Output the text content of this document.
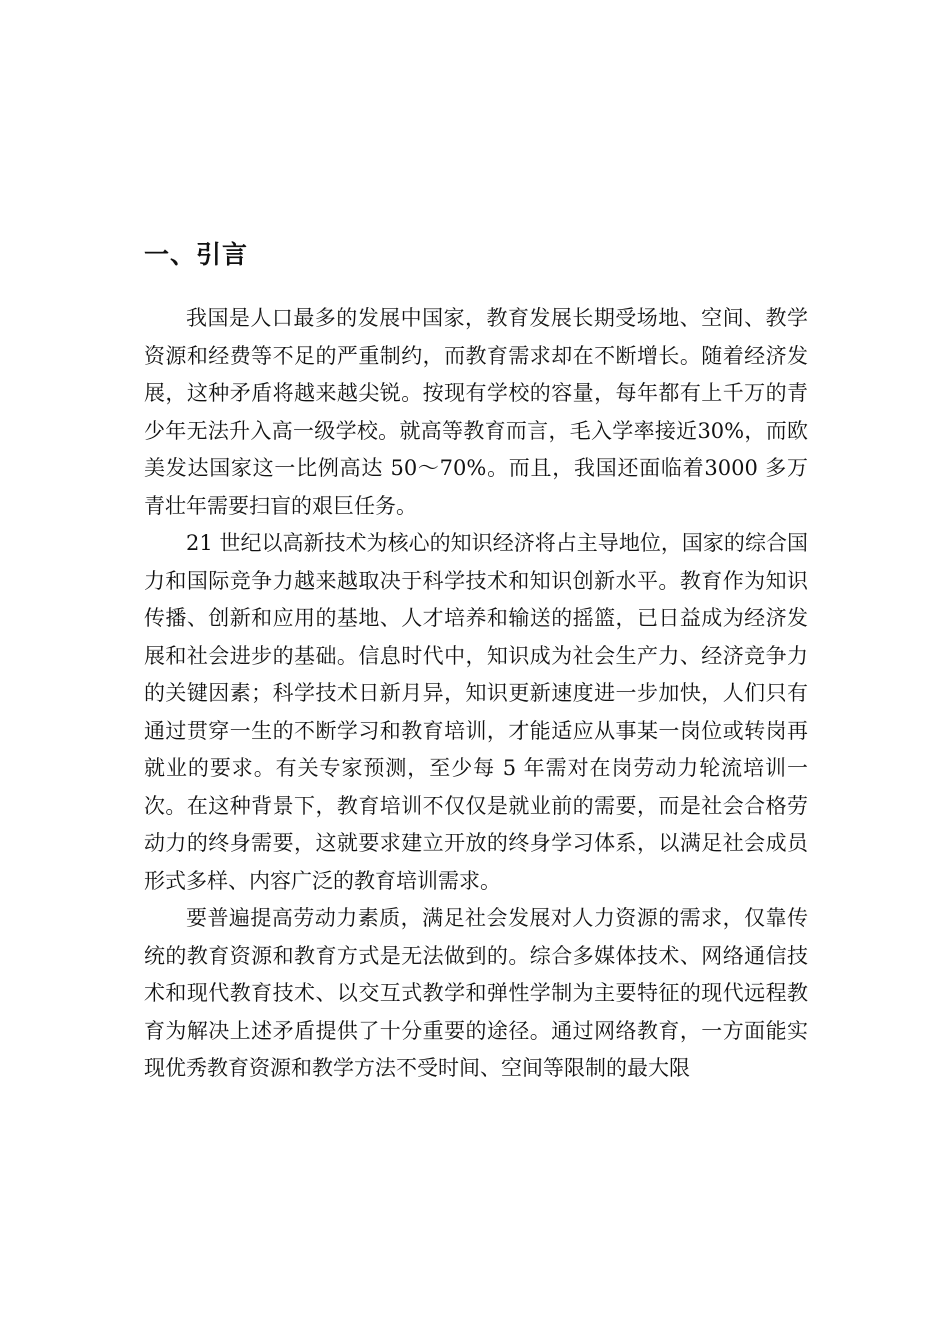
一、引言

我国是人口最多的发展中国家，教育发展长期受场地、空间、教学资源和经费等不足的严重制约，而教育需求却在不断增长。随着经济发展，这种矛盾将越来越尖锐。按现有学校的容量，每年都有上千万的青少年无法升入高一级学校。就高等教育而言，毛入学率接近30%，而欧美发达国家这一比例高达 50～70%。而且，我国还面临着3000 多万青壮年需要扫盲的艰巨任务。

21 世纪以高新技术为核心的知识经济将占主导地位，国家的综合国力和国际竞争力越来越取决于科学技术和知识创新水平。教育作为知识传播、创新和应用的基地、人才培养和输送的摇篮，已日益成为经济发展和社会进步的基础。信息时代中，知识成为社会生产力、经济竞争力的关键因素；科学技术日新月异，知识更新速度进一步加快，人们只有通过贯穿一生的不断学习和教育培训，才能适应从事某一岗位或转岗再就业的要求。有关专家预测，至少每 5 年需对在岗劳动力轮流培训一次。在这种背景下，教育培训不仅仅是就业前的需要，而是社会合格劳动力的终身需要，这就要求建立开放的终身学习体系，以满足社会成员形式多样、内容广泛的教育培训需求。

要普遍提高劳动力素质，满足社会发展对人力资源的需求，仅靠传统的教育资源和教育方式是无法做到的。综合多媒体技术、网络通信技术和现代教育技术、以交互式教学和弹性学制为主要特征的现代远程教育为解决上述矛盾提供了十分重要的途径。通过网络教育，一方面能实现优秀教育资源和教学方法不受时间、空间等限制的最大限
